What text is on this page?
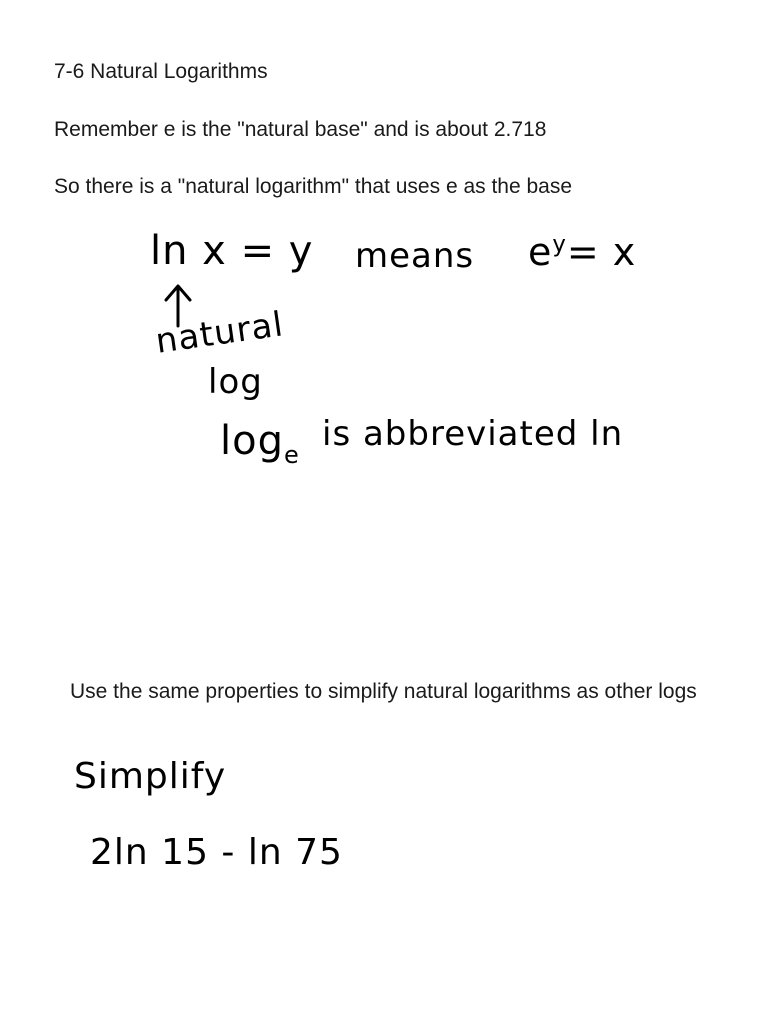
7-6 Natural Logarithms
Remember e is the "natural base" and is about 2.718
So there is a "natural logarithm" that uses e as the base
ln x = y means $e^y= x$
natural
log
$\log_e$
is abbreviated ln
Use the same properties to simplify natural logarithms as other logs
Simplify
2ln 15 - ln 75
